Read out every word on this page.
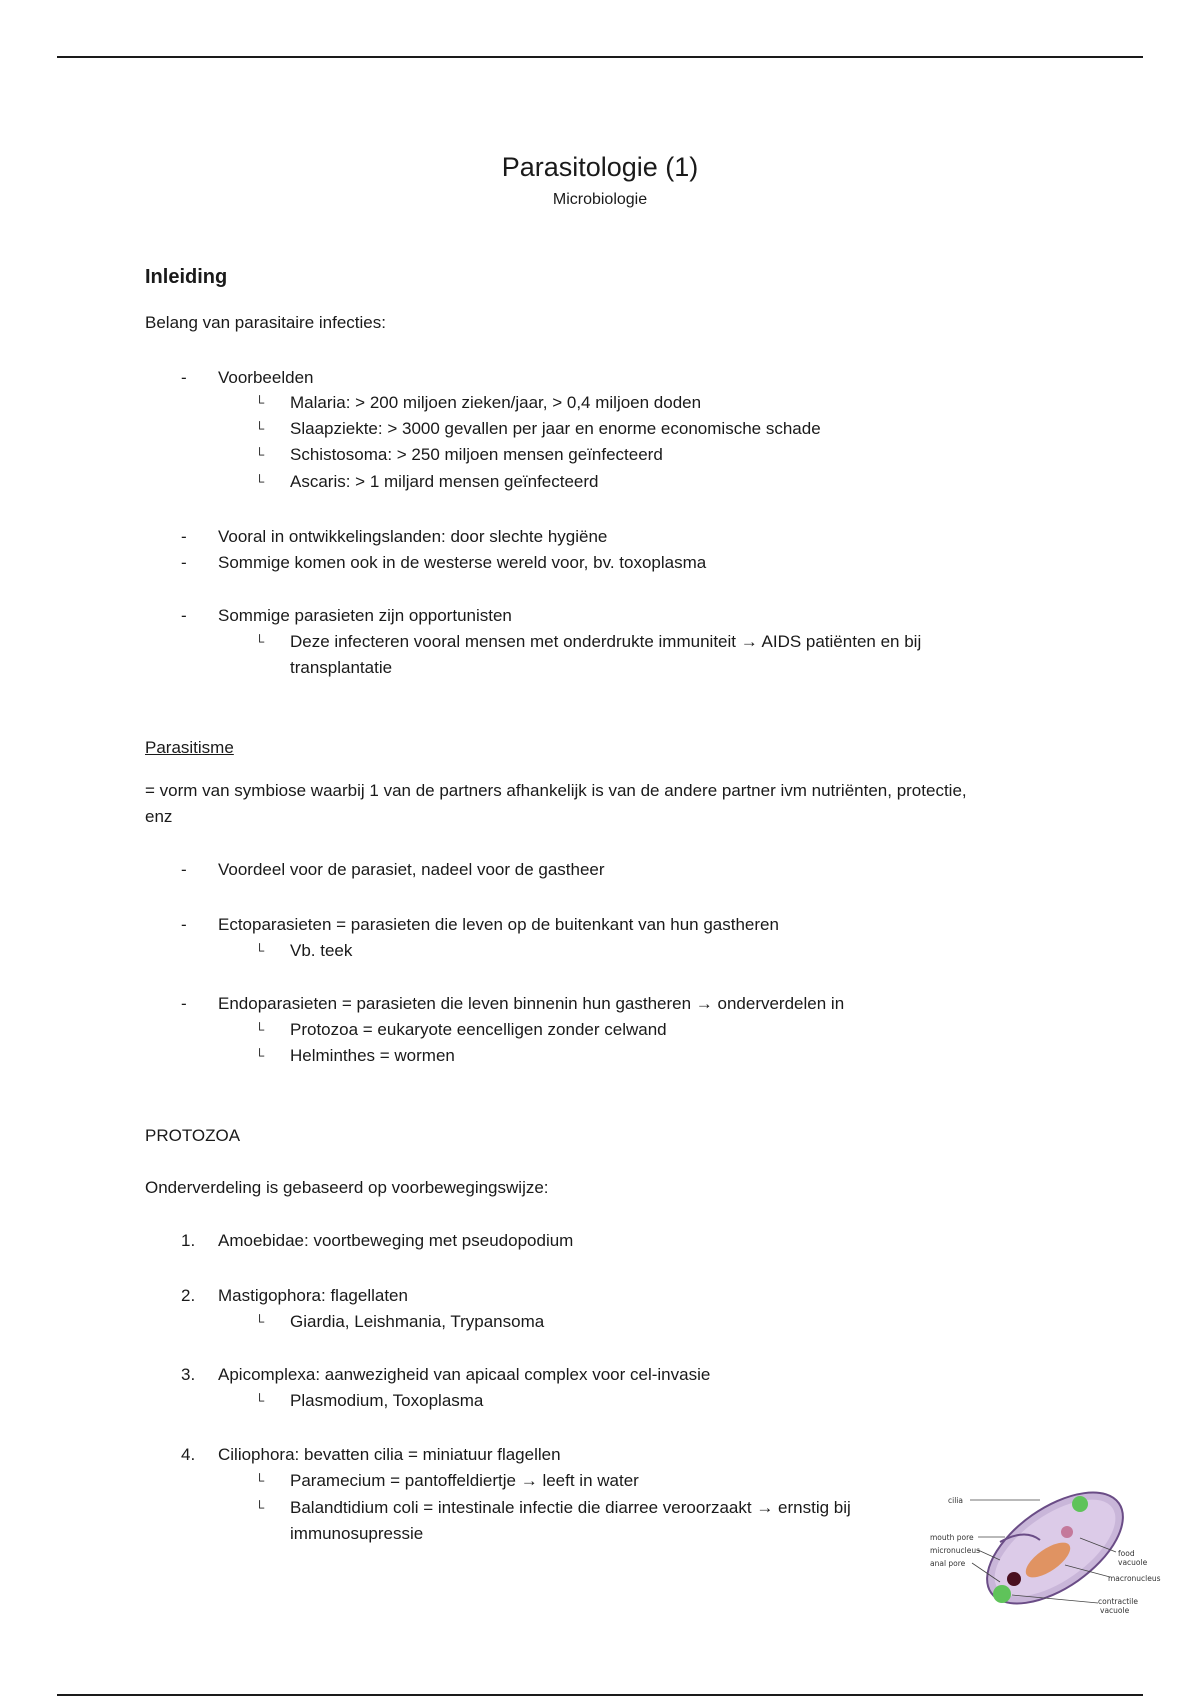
Parasitologie (1)
Microbiologie
Inleiding
Belang van parasitaire infecties:
- Voorbeelden
└ Malaria: > 200 miljoen zieken/jaar, > 0,4 miljoen doden
└ Slaapziekte: > 3000 gevallen per jaar en enorme economische schade
└ Schistosoma: > 250 miljoen mensen geïnfecteerd
└ Ascaris: > 1 miljard mensen geïnfecteerd
- Vooral in ontwikkelingslanden: door slechte hygiëne
- Sommige komen ook in de westerse wereld voor, bv. toxoplasma
- Sommige parasieten zijn opportunisten
└ Deze infecteren vooral mensen met onderdrukte immuniteit → AIDS patiënten en bij
transplantatie
Parasitisme
= vorm van symbiose waarbij 1 van de partners afhankelijk is van de andere partner ivm nutriënten, protectie,
enz
- Voordeel voor de parasiet, nadeel voor de gastheer
- Ectoparasieten = parasieten die leven op de buitenkant van hun gastheren
└ Vb. teek
- Endoparasieten = parasieten die leven binnenin hun gastheren → onderverdelen in
└ Protozoa = eukaryote eencelligen zonder celwand
└ Helminthes = wormen
PROTOZOA
Onderverdeling is gebaseerd op voorbewegingswijze:
1. Amoebidae: voortbeweging met pseudopodium
2. Mastigophora: flagellaten
└ Giardia, Leishmania, Trypansoma
3. Apicomplexa: aanwezigheid van apicaal complex voor cel-invasie
└ Plasmodium, Toxoplasma
4. Ciliophora: bevatten cilia = miniatuur flagellen
└ Paramecium = pantoffeldiertje → leeft in water
└ Balandtidium coli = intestinale infectie die diarree veroorzaakt → ernstig bij
immunosupressie
cilia
mouth pore
micronucleus
anal pore
food
vacuole
macronucleus
contractile
vacuole
